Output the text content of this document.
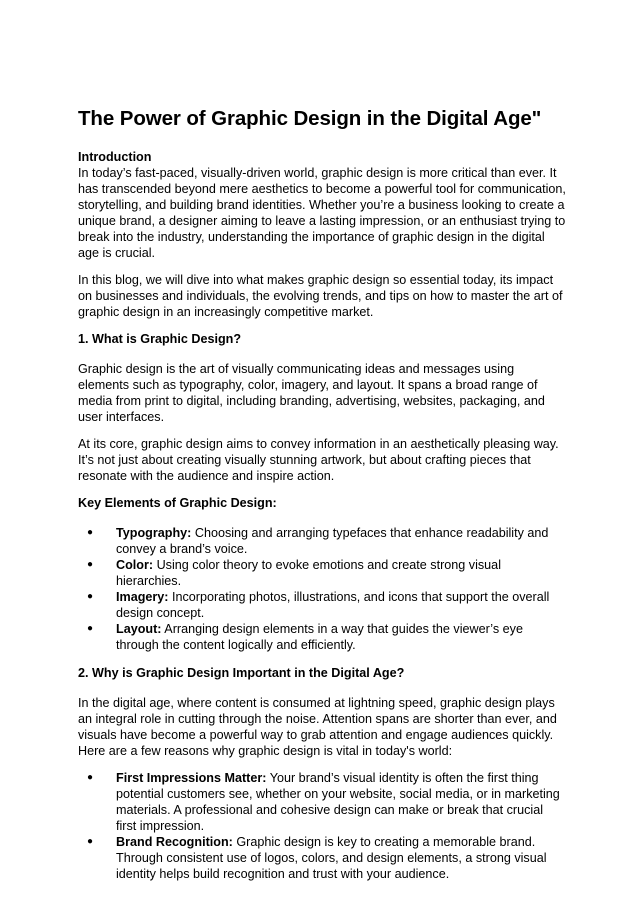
The Power of Graphic Design in the Digital Age"

Introduction
In today’s fast-paced, visually-driven world, graphic design is more critical than ever. It has transcended beyond mere aesthetics to become a powerful tool for communication, storytelling, and building brand identities. Whether you’re a business looking to create a unique brand, a designer aiming to leave a lasting impression, or an enthusiast trying to break into the industry, understanding the importance of graphic design in the digital age is crucial.

In this blog, we will dive into what makes graphic design so essential today, its impact on businesses and individuals, the evolving trends, and tips on how to master the art of graphic design in an increasingly competitive market.

1. What is Graphic Design?

Graphic design is the art of visually communicating ideas and messages using elements such as typography, color, imagery, and layout. It spans a broad range of media from print to digital, including branding, advertising, websites, packaging, and user interfaces.

At its core, graphic design aims to convey information in an aesthetically pleasing way. It’s not just about creating visually stunning artwork, but about crafting pieces that resonate with the audience and inspire action.

Key Elements of Graphic Design:

● Typography: Choosing and arranging typefaces that enhance readability and convey a brand’s voice.
● Color: Using color theory to evoke emotions and create strong visual hierarchies.
● Imagery: Incorporating photos, illustrations, and icons that support the overall design concept.
● Layout: Arranging design elements in a way that guides the viewer’s eye through the content logically and efficiently.

2. Why is Graphic Design Important in the Digital Age?

In the digital age, where content is consumed at lightning speed, graphic design plays an integral role in cutting through the noise. Attention spans are shorter than ever, and visuals have become a powerful way to grab attention and engage audiences quickly. Here are a few reasons why graphic design is vital in today's world:

● First Impressions Matter: Your brand’s visual identity is often the first thing potential customers see, whether on your website, social media, or in marketing materials. A professional and cohesive design can make or break that crucial first impression.
● Brand Recognition: Graphic design is key to creating a memorable brand. Through consistent use of logos, colors, and design elements, a strong visual identity helps build recognition and trust with your audience.
